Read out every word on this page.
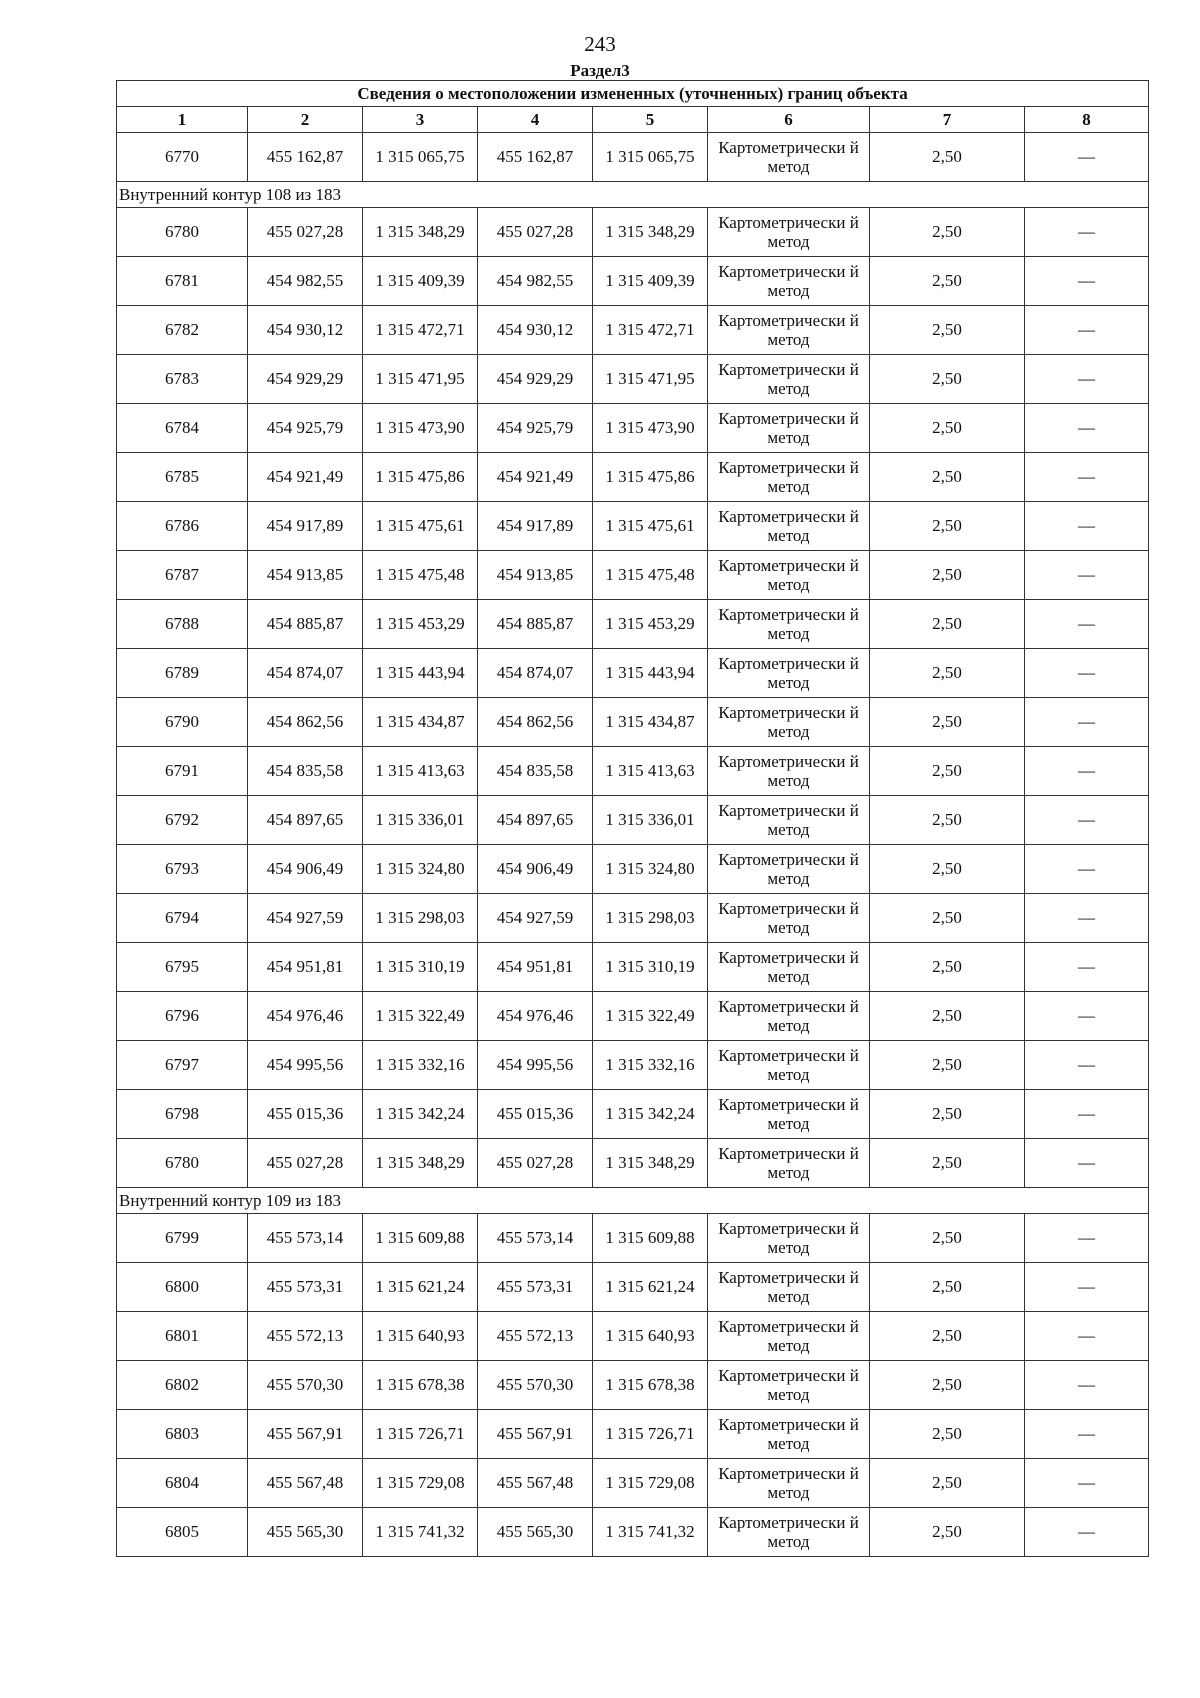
243
Раздел3
Сведения о местоположении измененных (уточненных) границ объекта							
1	2	3	4	5	6	7	8
6770	455 162,87	1 315 065,75	455 162,87	1 315 065,75	Картометрически й метод	2,50	—
Внутренний контур 108 из 183							
6780	455 027,28	1 315 348,29	455 027,28	1 315 348,29	Картометрически й метод	2,50	—
6781	454 982,55	1 315 409,39	454 982,55	1 315 409,39	Картометрически й метод	2,50	—
6782	454 930,12	1 315 472,71	454 930,12	1 315 472,71	Картометрически й метод	2,50	—
6783	454 929,29	1 315 471,95	454 929,29	1 315 471,95	Картометрически й метод	2,50	—
6784	454 925,79	1 315 473,90	454 925,79	1 315 473,90	Картометрически й метод	2,50	—
6785	454 921,49	1 315 475,86	454 921,49	1 315 475,86	Картометрически й метод	2,50	—
6786	454 917,89	1 315 475,61	454 917,89	1 315 475,61	Картометрически й метод	2,50	—
6787	454 913,85	1 315 475,48	454 913,85	1 315 475,48	Картометрически й метод	2,50	—
6788	454 885,87	1 315 453,29	454 885,87	1 315 453,29	Картометрически й метод	2,50	—
6789	454 874,07	1 315 443,94	454 874,07	1 315 443,94	Картометрически й метод	2,50	—
6790	454 862,56	1 315 434,87	454 862,56	1 315 434,87	Картометрически й метод	2,50	—
6791	454 835,58	1 315 413,63	454 835,58	1 315 413,63	Картометрически й метод	2,50	—
6792	454 897,65	1 315 336,01	454 897,65	1 315 336,01	Картометрически й метод	2,50	—
6793	454 906,49	1 315 324,80	454 906,49	1 315 324,80	Картометрически й метод	2,50	—
6794	454 927,59	1 315 298,03	454 927,59	1 315 298,03	Картометрически й метод	2,50	—
6795	454 951,81	1 315 310,19	454 951,81	1 315 310,19	Картометрически й метод	2,50	—
6796	454 976,46	1 315 322,49	454 976,46	1 315 322,49	Картометрически й метод	2,50	—
6797	454 995,56	1 315 332,16	454 995,56	1 315 332,16	Картометрически й метод	2,50	—
6798	455 015,36	1 315 342,24	455 015,36	1 315 342,24	Картометрически й метод	2,50	—
6780	455 027,28	1 315 348,29	455 027,28	1 315 348,29	Картометрически й метод	2,50	—
Внутренний контур 109 из 183							
6799	455 573,14	1 315 609,88	455 573,14	1 315 609,88	Картометрически й метод	2,50	—
6800	455 573,31	1 315 621,24	455 573,31	1 315 621,24	Картометрически й метод	2,50	—
6801	455 572,13	1 315 640,93	455 572,13	1 315 640,93	Картометрически й метод	2,50	—
6802	455 570,30	1 315 678,38	455 570,30	1 315 678,38	Картометрически й метод	2,50	—
6803	455 567,91	1 315 726,71	455 567,91	1 315 726,71	Картометрически й метод	2,50	—
6804	455 567,48	1 315 729,08	455 567,48	1 315 729,08	Картометрически й метод	2,50	—
6805	455 565,30	1 315 741,32	455 565,30	1 315 741,32	Картометрически й метод	2,50	—
